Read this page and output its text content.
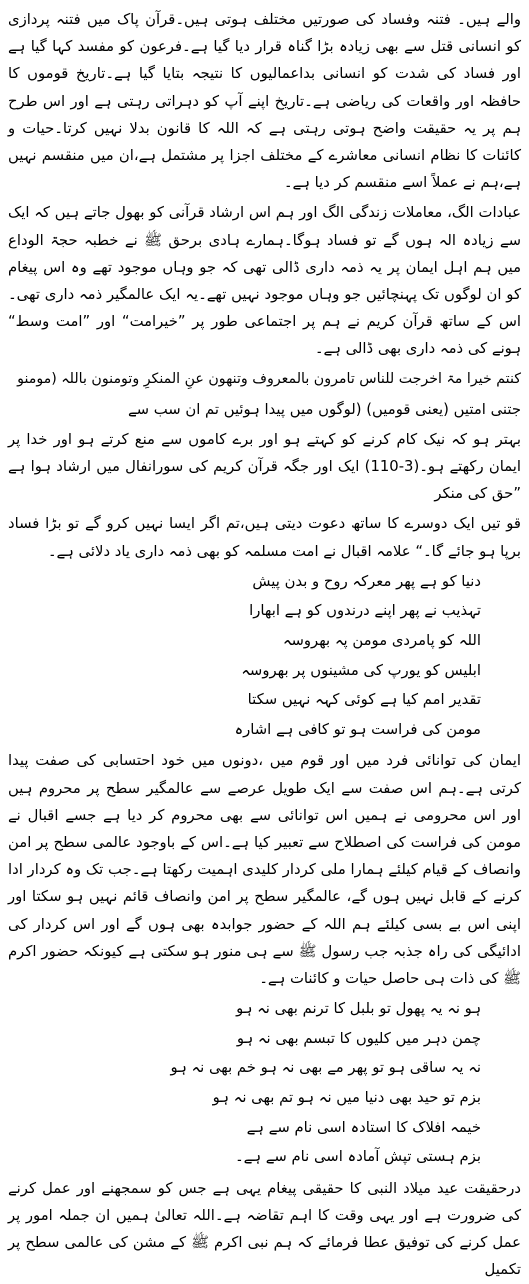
والے ہیں۔ فتنہ وفساد کی صورتیں مختلف ہوتی ہیں۔قرآن پاک میں فتنہ پردازی کو انسانی قتل سے بھی زیادہ بڑا گناہ قرار دیا گیا ہے۔فرعون کو مفسد کہا گیا ہے اور فساد کی شدت کو انسانی بداعمالیوں کا نتیجہ بتایا گیا ہے۔تاریخ قوموں کا حافظہ اور واقعات کی ریاضی ہے۔تاریخ اپنے آپ کو دہراتی رہتی ہے اور اس طرح ہم پر یہ حقیقت واضح ہوتی رہتی ہے کہ اللہ کا قانون بدلا نہیں کرتا۔حیات و کائنات کا نظام انسانی معاشرے کے مختلف اجزا پر مشتمل ہے،ان میں منقسم نہیں ہے،ہم نے عملاً اسے منقسم کر دیا ہے۔

عبادات الگ، معاملات زندگی الگ اور ہم اس ارشاد قرآنی کو بھول جاتے ہیں کہ ایک سے زیادہ الہ ہوں گے تو فساد ہوگا۔ہمارے ہادی برحق ﷺ نے خطبہ حجۃ الوداع میں ہم اہل ایمان پر یہ ذمہ داری ڈالی تھی کہ جو وہاں موجود تھے وہ اس پیغام کو ان لوگوں تک پہنچائیں جو وہاں موجود نہیں تھے۔یہ ایک عالمگیر ذمہ داری تھی۔اس کے ساتھ قرآن کریم نے ہم پر اجتماعی طور پر ”خیرامت“ اور ”امت وسط“ ہونے کی ذمہ داری بھی ڈالی ہے۔

کنتم خیرا مۃ اخرجت للناس تامرون بالمعروف وتنھون عنِ المنکرِ وتومنون باللہ (مومنو

جتنی امتیں (یعنی قومیں) (لوگوں میں پیدا ہوئیں تم ان سب سے

بہتر ہو کہ نیک کام کرنے کو کہتے ہو اور برے کاموں سے منع کرتے ہو اور خدا پر ایمان رکھتے ہو۔(3-110) ایک اور جگہ قرآن کریم کی سورانفال میں ارشاد ہوا ہے ”حق کی منکر

قو تیں ایک دوسرے کا ساتھ دعوت دیتی ہیں،تم اگر ایسا نہیں کرو گے تو بڑا فساد برپا ہو جائے گا۔“ علامہ اقبال نے امت مسلمہ کو بھی ذمہ داری یاد دلائی ہے۔

دنیا کو ہے پھر معرکہ روح و بدن پیش
تہذیب نے پھر اپنے درندوں کو ہے ابھارا
اللہ کو پامردی مومن پہ بھروسہ
ابلیس کو یورپ کی مشینوں پر بھروسہ
تقدیر امم کیا ہے کوئی کہہ نہیں سکتا
مومن کی فراست ہو تو کافی ہے اشارہ

ایمان کی توانائی فرد میں اور قوم میں ،دونوں میں خود احتسابی کی صفت پیدا کرتی ہے۔ہم اس صفت سے ایک طویل عرصے سے عالمگیر سطح پر محروم ہیں اور اس محرومی نے ہمیں اس توانائی سے بھی محروم کر دیا ہے جسے اقبال نے مومن کی فراست کی اصطلاح سے تعبیر کیا ہے۔اس کے باوجود عالمی سطح پر امن وانصاف کے قیام کیلئے ہمارا ملی کردار کلیدی اہمیت رکھتا ہے۔جب تک وہ کردار ادا کرنے کے قابل نہیں ہوں گے، عالمگیر سطح پر امن وانصاف قائم نہیں ہو سکتا اور اپنی اس بے بسی کیلئے ہم اللہ کے حضور جوابدہ بھی ہوں گے اور اس کردار کی ادائیگی کی راہ جذبہ جب رسول ﷺ سے ہی منور ہو سکتی ہے کیونکہ حضور اکرم ﷺ کی ذات ہی حاصل حیات و کائنات ہے۔

ہو نہ یہ پھول تو بلبل کا ترنم بھی نہ ہو
چمن دہر میں کلیوں کا تبسم بھی نہ ہو
نہ یہ ساقی ہو تو پھر مے بھی نہ ہو خم بھی نہ ہو
بزم تو حید بھی دنیا میں نہ ہو تم بھی نہ ہو
خیمہ افلاک کا استادہ اسی نام سے ہے
بزم ہستی تپش آمادہ اسی نام سے ہے۔

درحقیقت عید میلاد النبی کا حقیقی پیغام یہی ہے جس کو سمجھنے اور عمل کرنے کی ضرورت ہے اور یہی وقت کا اہم تقاضہ ہے۔اللہ تعالیٰ ہمیں ان جملہ امور پر عمل کرنے کی توفیق عطا فرمائے کہ ہم نبی اکرم ﷺ کے مشن کی عالمی سطح پر تکمیل
